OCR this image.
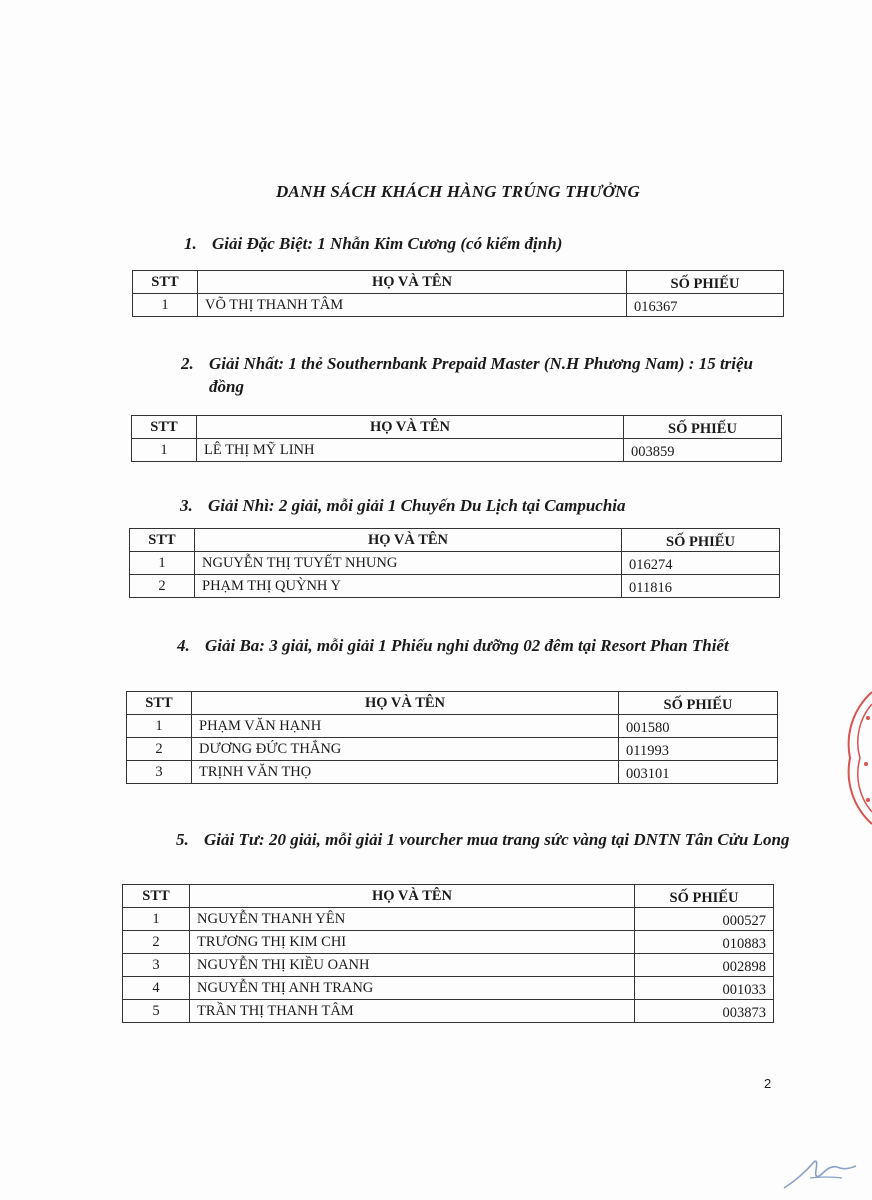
DANH SÁCH KHÁCH HÀNG TRÚNG THƯỞNG
1. Giải Đặc Biệt: 1 Nhẫn Kim Cương (có kiểm định)
STT	HỌ VÀ TÊN	SỐ PHIẾU
1	VÕ THỊ THANH TÂM	016367
2. Giải Nhất: 1 thẻ Southernbank Prepaid Master (N.H Phương Nam) : 15 triệu đồng
STT	HỌ VÀ TÊN	SỐ PHIẾU
1	LÊ THỊ MỸ LINH	003859
3. Giải Nhì: 2 giải, mỗi giải 1 Chuyến Du Lịch tại Campuchia
STT	HỌ VÀ TÊN	SỐ PHIẾU
1	NGUYỄN THỊ TUYẾT NHUNG	016274
2	PHẠM THỊ QUỲNH Y	011816
4. Giải Ba: 3 giải, mỗi giải 1 Phiếu nghỉ dưỡng 02 đêm tại Resort Phan Thiết
STT	HỌ VÀ TÊN	SỐ PHIẾU
1	PHẠM VĂN HẠNH	001580
2	DƯƠNG ĐỨC THẮNG	011993
3	TRỊNH VĂN THỌ	003101
5. Giải Tư: 20 giải, mỗi giải 1 vourcher mua trang sức vàng tại DNTN Tân Cửu Long
STT	HỌ VÀ TÊN	SỐ PHIẾU
1	NGUYỄN THANH YÊN	000527
2	TRƯƠNG THỊ KIM CHI	010883
3	NGUYỄN THỊ KIỀU OANH	002898
4	NGUYỄN THỊ ANH TRANG	001033
5	TRẦN THỊ THANH TÂM	003873
2
